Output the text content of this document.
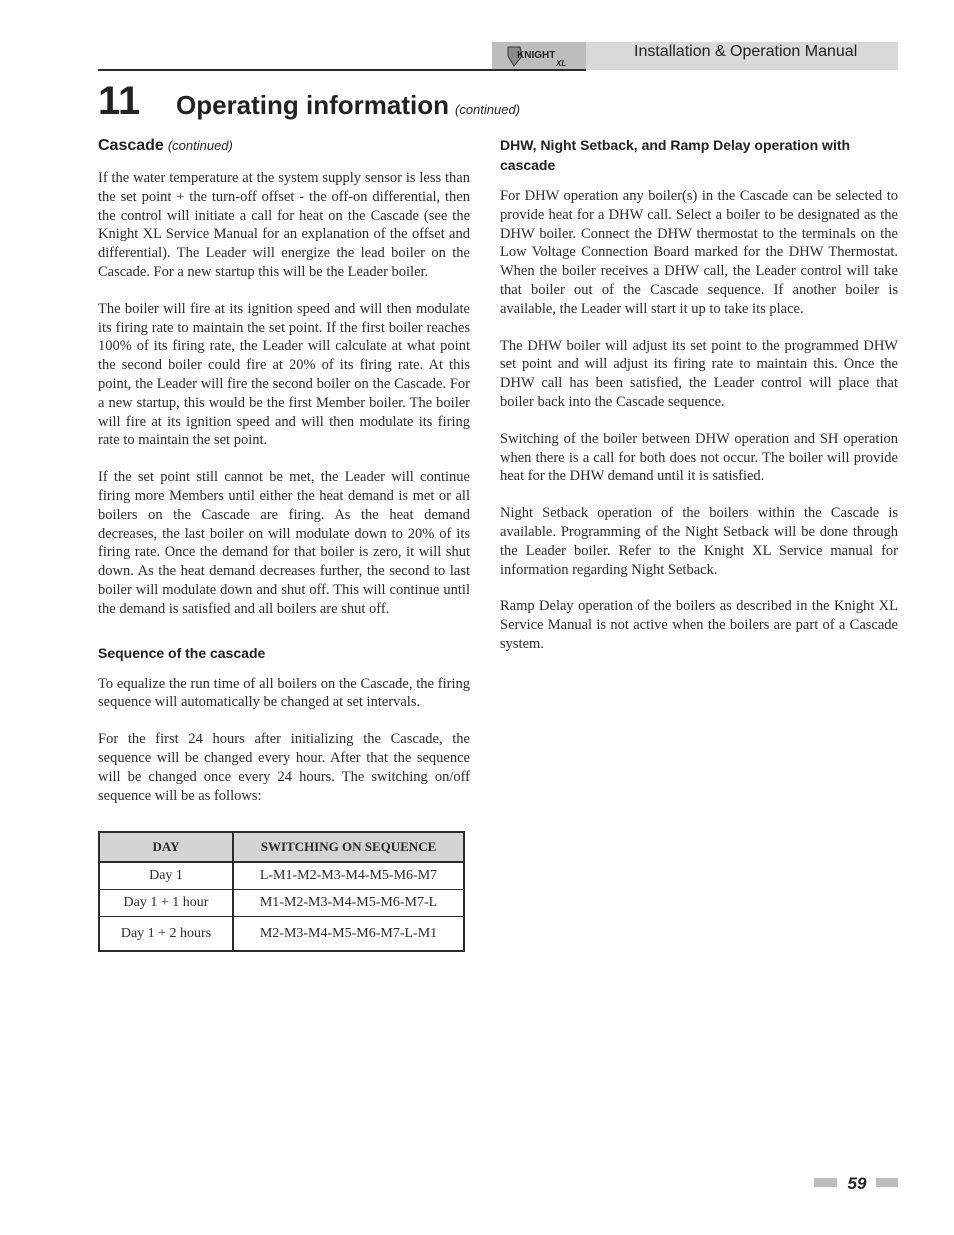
KNIGHT
XL
Installation & Operation Manual
11 Operating information (continued)
Cascade (continued)

If the water temperature at the system supply sensor is less than the set point + the turn-off offset - the off-on differential, then the control will initiate a call for heat on the Cascade (see the Knight XL Service Manual for an explanation of the offset and differential). The Leader will energize the lead boiler on the Cascade. For a new startup this will be the Leader boiler.

The boiler will fire at its ignition speed and will then modulate its firing rate to maintain the set point. If the first boiler reaches 100% of its firing rate, the Leader will calculate at what point the second boiler could fire at 20% of its firing rate. At this point, the Leader will fire the second boiler on the Cascade. For a new startup, this would be the first Member boiler. The boiler will fire at its ignition speed and will then modulate its firing rate to maintain the set point.

If the set point still cannot be met, the Leader will continue firing more Members until either the heat demand is met or all boilers on the Cascade are firing. As the heat demand decreases, the last boiler on will modulate down to 20% of its firing rate. Once the demand for that boiler is zero, it will shut down. As the heat demand decreases further, the second to last boiler will modulate down and shut off. This will continue until the demand is satisfied and all boilers are shut off.

Sequence of the cascade

To equalize the run time of all boilers on the Cascade, the firing sequence will automatically be changed at set intervals.

For the first 24 hours after initializing the Cascade, the sequence will be changed every hour. After that the sequence will be changed once every 24 hours. The switching on/off sequence will be as follows:

DAY	SWITCHING ON SEQUENCE
Day 1	L-M1-M2-M3-M4-M5-M6-M7
Day 1 + 1 hour	M1-M2-M3-M4-M5-M6-M7-L
Day 1 + 2 hours	M2-M3-M4-M5-M6-M7-L-M1
DHW, Night Setback, and Ramp Delay operation with cascade

For DHW operation any boiler(s) in the Cascade can be selected to provide heat for a DHW call. Select a boiler to be designated as the DHW boiler. Connect the DHW thermostat to the terminals on the Low Voltage Connection Board marked for the DHW Thermostat. When the boiler receives a DHW call, the Leader control will take that boiler out of the Cascade sequence. If another boiler is available, the Leader will start it up to take its place.

The DHW boiler will adjust its set point to the programmed DHW set point and will adjust its firing rate to maintain this. Once the DHW call has been satisfied, the Leader control will place that boiler back into the Cascade sequence.

Switching of the boiler between DHW operation and SH operation when there is a call for both does not occur. The boiler will provide heat for the DHW demand until it is satisfied.

Night Setback operation of the boilers within the Cascade is available. Programming of the Night Setback will be done through the Leader boiler. Refer to the Knight XL Service manual for information regarding Night Setback.

Ramp Delay operation of the boilers as described in the Knight XL Service Manual is not active when the boilers are part of a Cascade system.

59
